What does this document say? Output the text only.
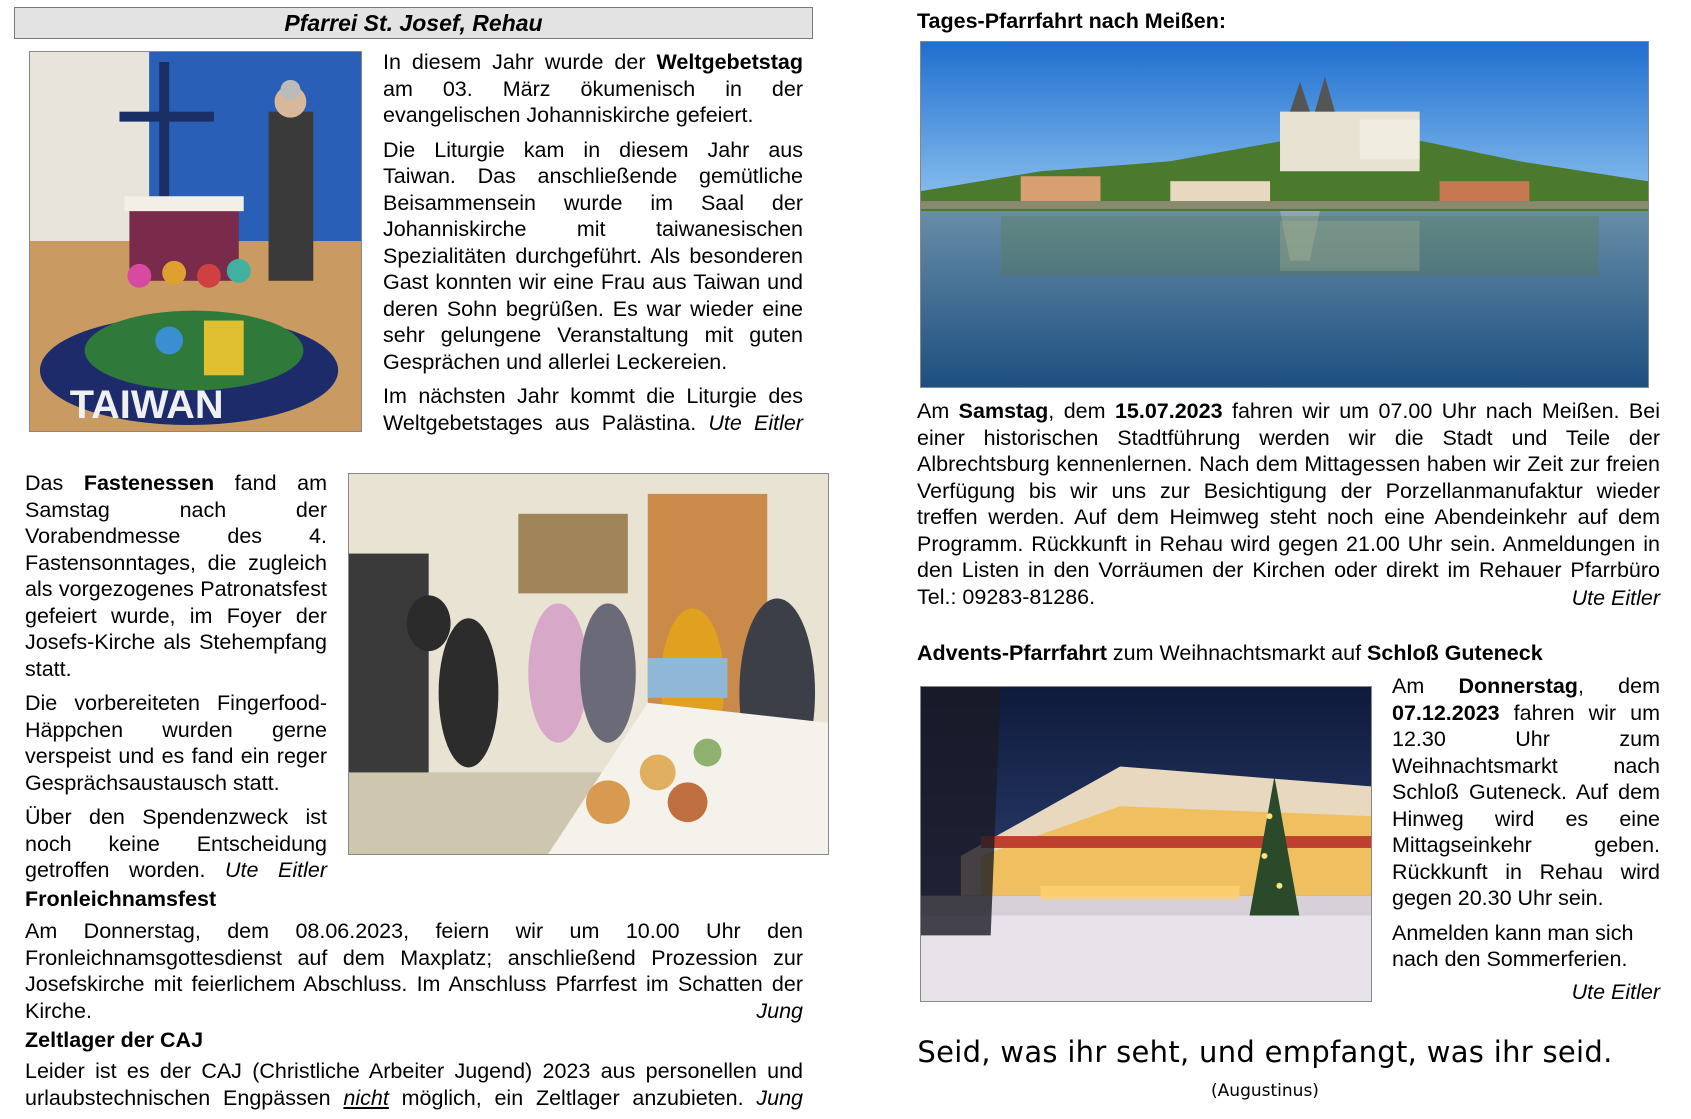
Pfarrei St. Josef, Rehau
TAIWAN

In diesem Jahr wurde der Weltgebetstag am 03. März ökumenisch in der evangelischen Johanniskirche gefeiert.

Die Liturgie kam in diesem Jahr aus Taiwan. Das anschließende gemütliche Beisammensein wurde im Saal der Johanniskirche mit taiwanesischen Spezialitäten durchgeführt. Als besonderen Gast konnten wir eine Frau aus Taiwan und deren Sohn begrüßen. Es war wieder eine sehr gelungene Veranstaltung mit guten Gesprächen und allerlei Leckereien.

Im nächsten Jahr kommt die Liturgie des Weltgebetstages aus Palästina. Ute Eitler

Das Fastenessen fand am Samstag nach der Vorabendmesse des 4. Fastensonntages, die zugleich als vorgezogenes Patronatsfest gefeiert wurde, im Foyer der Josefs-Kirche als Stehempfang statt.

Die vorbereiteten Fingerfood-Häppchen wurden gerne verspeist und es fand ein reger Gesprächsaustausch statt.

Über den Spendenzweck ist noch keine Entscheidung getroffen worden. Ute Eitler

Fronleichnamsfest

Am Donnerstag, dem 08.06.2023, feiern wir um 10.00 Uhr den Fronleichnamsgottesdienst auf dem Maxplatz; anschließend Prozession zur Josefskirche mit feierlichem Abschluss. Im Anschluss Pfarrfest im Schatten der Kirche.	Jung

Zeltlager der CAJ

Leider ist es der CAJ (Christliche Arbeiter Jugend) 2023 aus personellen und urlaubstechnischen Engpässen nicht möglich, ein Zeltlager anzubieten. Jung

Tages-Pfarrfahrt nach Meißen:

Am Samstag, dem 15.07.2023 fahren wir um 07.00 Uhr nach Meißen. Bei einer historischen Stadtführung werden wir die Stadt und Teile der Albrechtsburg kennenlernen. Nach dem Mittagessen haben wir Zeit zur freien Verfügung bis wir uns zur Besichtigung der Porzellanmanufaktur wieder treffen werden. Auf dem Heimweg steht noch eine Abendeinkehr auf dem Programm. Rückkunft in Rehau wird gegen 21.00 Uhr sein. Anmeldungen in den Listen in den Vorräumen der Kirchen oder direkt im Rehauer Pfarrbüro Tel.: 09283-81286.	Ute Eitler
Advents-Pfarrfahrt zum Weihnachtsmarkt auf Schloß Guteneck

Am Donnerstag, dem 07.12.2023 fahren wir um 12.30 Uhr zum Weihnachtsmarkt nach Schloß Guteneck. Auf dem Hinweg wird es eine Mittagseinkehr geben. Rückkunft in Rehau wird gegen 20.30 Uhr sein.

Anmelden kann man sich nach den Sommerferien.

Ute Eitler
Seid, was ihr seht, und empfangt, was ihr seid.
(Augustinus)
